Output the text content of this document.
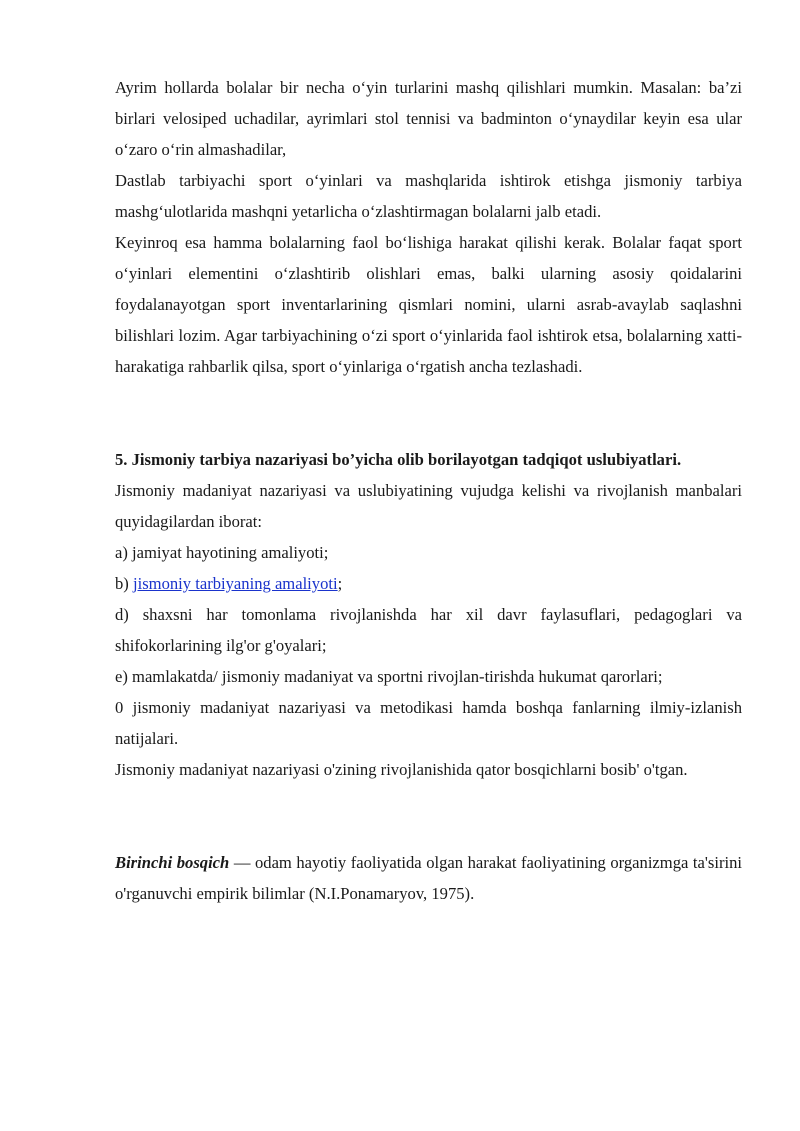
Ayrim hollarda bolalar bir necha o‘yin turlarini mashq qilishlari mumkin. Masalan: ba’zi birlari velosiped uchadilar, ayrimlari stol tennisi va badminton o‘ynaydilar keyin esa ular o‘zaro o‘rin almashadilar,

Dastlab tarbiyachi sport o‘yinlari va mashqlarida ishtirok etishga jismoniy tarbiya mashg‘ulotlarida mashqni yetarlicha o‘zlashtirmagan bolalarni jalb etadi.

Keyinroq esa hamma bolalarning faol bo‘lishiga harakat qilishi kerak. Bolalar faqat sport o‘yinlari elementini o‘zlashtirib olishlari emas, balki ularning asosiy qoidalarini foydalanayotgan sport inventarlarining qismlari nomini, ularni asrab-avaylab saqlashni bilishlari lozim. Agar tarbiyachining o‘zi sport o‘yinlarida faol ishtirok etsa, bolalarning xatti-harakatiga rahbarlik qilsa, sport o‘yinlariga o‘rgatish ancha tezlashadi.

5. Jismoniy tarbiya nazariyasi bo’yicha olib borilayotgan tadqiqot uslubiyatlari.

Jismoniy madaniyat nazariyasi va uslubiyatining vujudga kelishi va rivojlanish manbalari quyidagilardan iborat:

a) jamiyat hayotining amaliyoti;

b) jismoniy tarbiyaning amaliyoti;

d) shaxsni har tomonlama rivojlanishda har xil davr faylasuflari, pedagoglari va shifokorlarining ilg'or g'oyalari;

e) mamlakatda/ jismoniy madaniyat va sportni rivojlan-tirishda hukumat qarorlari;

0 jismoniy madaniyat nazariyasi va metodikasi hamda boshqa fanlarning ilmiy-izlanish natijalari.

Jismoniy madaniyat nazariyasi o'zining rivojlanishida qator bosqichlarni bosib' o'tgan.

Birinchi bosqich — odam hayotiy faoliyatida olgan harakat faoliyatining organizmga ta'sirini o'rganuvchi empirik bilimlar (N.I.Ponamaryov, 1975).
